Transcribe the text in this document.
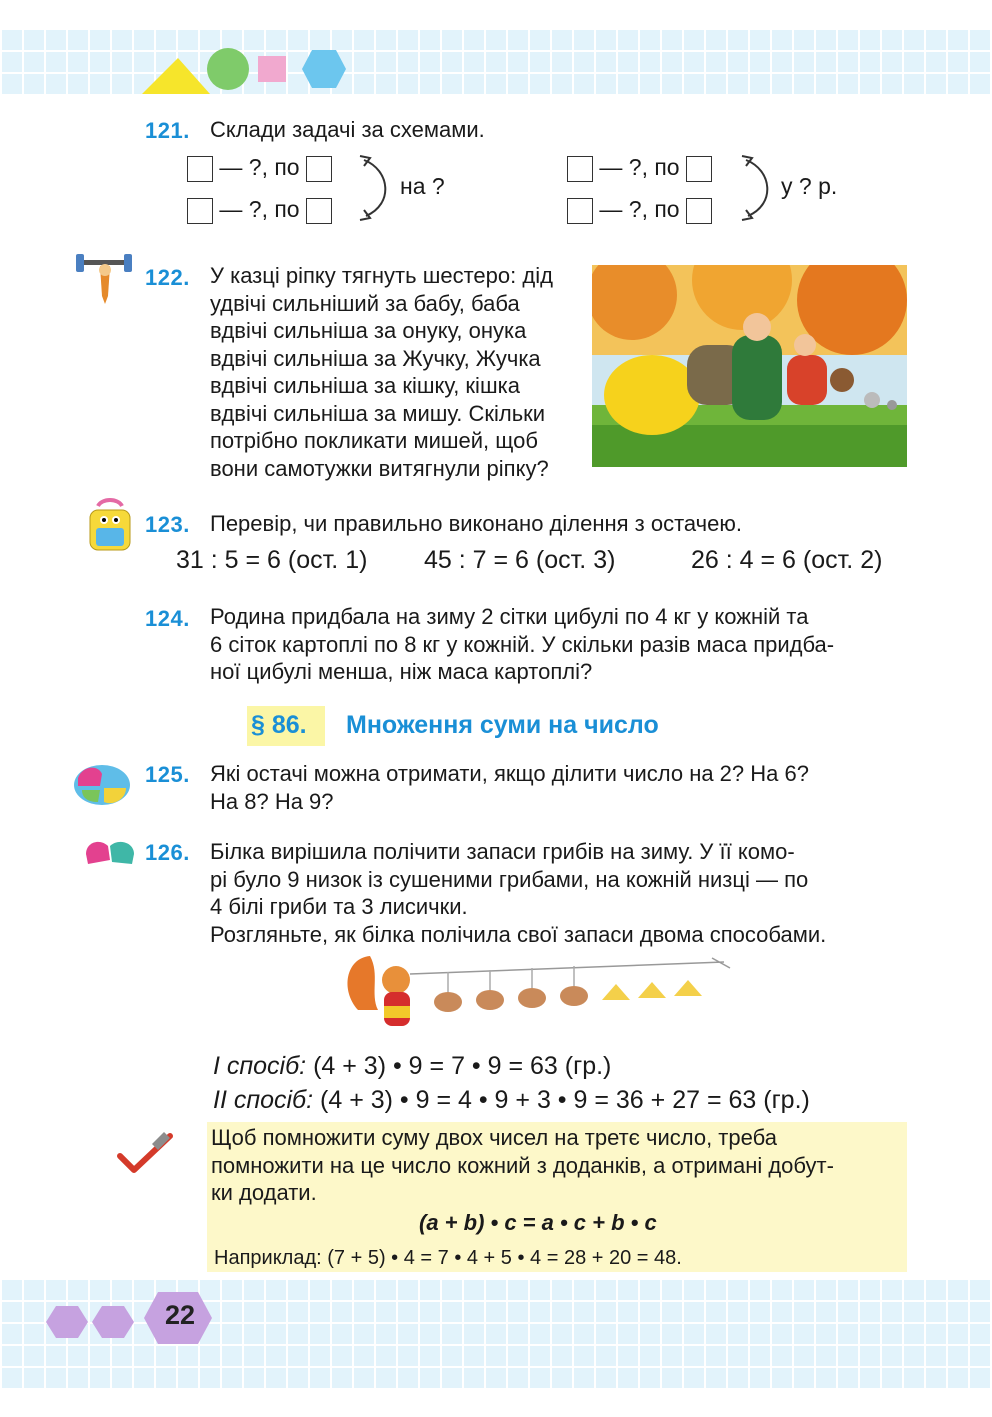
121. Склади задачі за схемами.
— ?, по
— ?, по
на ?
— ?, по
— ?, по
у ? р.
122. У казці ріпку тягнуть шестеро: дід
удвічі сильніший за бабу, баба
вдвічі сильніша за онуку, онука
вдвічі сильніша за Жучку, Жучка
вдвічі сильніша за кішку, кішка
вдвічі сильніша за мишу. Скільки
потрібно покликати мишей, щоб
вони самотужки витягнули ріпку?
123. Перевір, чи правильно виконано ділення з остачею.
31 : 5 = 6 (ост. 1) 45 : 7 = 6 (ост. 3)	26 : 4 = 6 (ост. 2)
124. Родина придбала на зиму 2 сітки цибулі по 4 кг у кожній та
6 сіток картоплі по 8 кг у кожній. У скільки разів маса придба-
ної цибулі менша, ніж маса картоплі?
§ 86. Множення суми на число
125. Які остачі можна отримати, якщо ділити число на 2? На 6?
На 8? На 9?
126. Білка вирішила полічити запаси грибів на зиму. У її комо-
рі було 9 низок із сушеними грибами, на кожній низці — по
4 білі гриби та 3 лисички.
Розгляньте, як білка полічила свої запаси двома способами.
І спосіб: (4 + 3) • 9 = 7 • 9 = 63 (гр.)
ІІ спосіб: (4 + 3) • 9 = 4 • 9 + 3 • 9 = 36 + 27 = 63 (гр.)
Щоб помножити суму двох чисел на третє число, треба
помножити на це число кожний з доданків, а отримані добут-
ки додати.
(a + b) • c = a • c + b • c
Наприклад: (7 + 5) • 4 = 7 • 4 + 5 • 4 = 28 + 20 = 48.
22
